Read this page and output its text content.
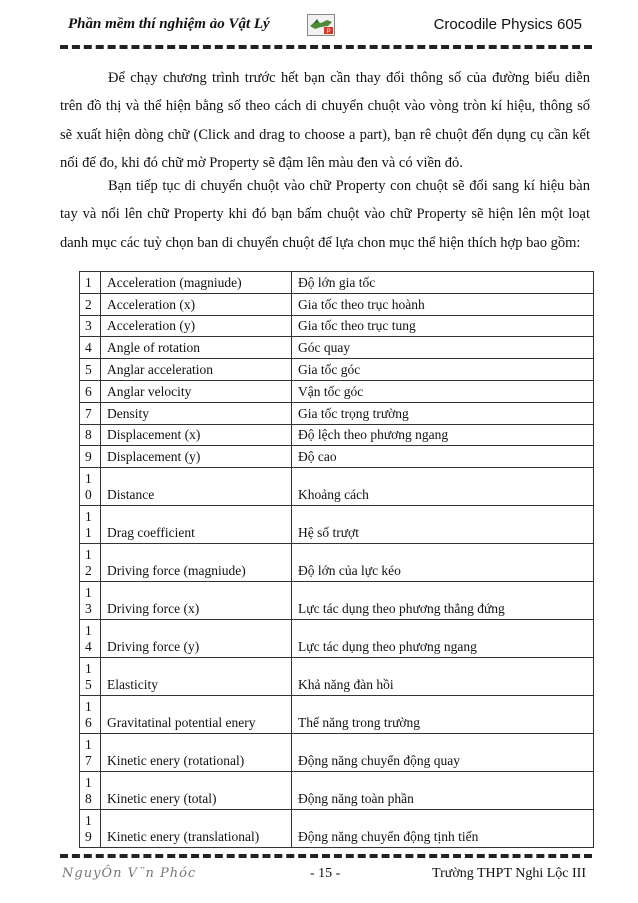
Phần mềm thí nghiệm ảo Vật Lý	P	Crocodile Physics 605

Để chạy chương trình trước hết bạn cần thay đổi thông số của đường biểu diễn trên đồ thị và thể hiện bằng số theo cách di chuyển chuột vào vòng tròn kí hiệu, thông số sẽ xuất hiện dòng chữ (Click and drag to choose a part), bạn rê chuột đến dụng cụ cần kết nối để đo, khi đó chữ mờ Property sẽ đậm lên màu đen và có viền đỏ.

Bạn tiếp tục di chuyển chuột vào chữ Property con chuột sẽ đổi sang kí hiệu bàn tay và nổi lên chữ Property khi đó bạn bấm chuột vào chữ Property sẽ hiện lên một loạt danh mục các tuỳ chọn ban di chuyển chuột để lựa chon mục thể hiện thích hợp bao gồm:

1	Acceleration (magniude)	Độ lớn gia tốc
2	Acceleration (x)	Gia tốc theo trục hoành
3	Acceleration (y)	Gia tốc theo trục tung
4	Angle of rotation	Góc quay
5	Anglar acceleration	Gia tốc góc
6	Anglar velocity	Vận tốc góc
7	Density	Gia tốc trọng trường
8	Displacement (x)	Độ lệch theo phương ngang
9	Displacement (y)	Độ cao
10	Distance	Khoảng cách
11	Drag coefficient	Hệ số trượt
12	Driving force (magniude)	Độ lớn của lực kéo
13	Driving force (x)	Lực tác dụng theo phương thẳng đứng
14	Driving force (y)	Lực tác dụng theo phương ngang
15	Elasticity	Khả năng đàn hồi
16	Gravitatinal potential enery	Thế năng trong trường
17	Kinetic enery (rotational)	Động năng chuyển động quay
18	Kinetic enery (total)	Động năng toàn phần
19	Kinetic enery (translational)	Động năng chuyển động tịnh tiến
NguyÔn V¨n Phóc	- 15 -	Trường THPT Nghi Lộc III
